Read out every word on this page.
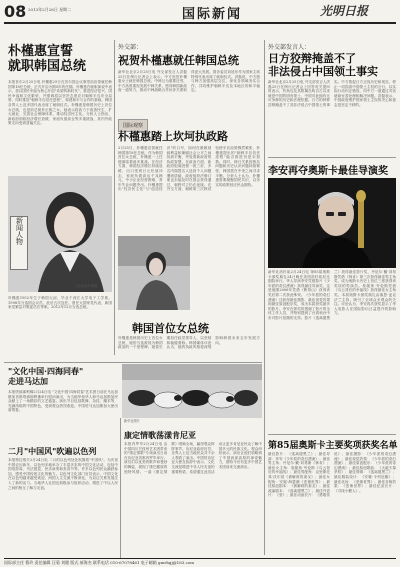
08 2013年2月26日 星期二	国际新闻	光明日报
朴槿惠宣誓
就职韩国总统
本报首尔2月25日电 朴槿惠25日在首尔国会议事堂前宣誓就任韩国第18任总统，正式开启为期5年的任期。朴槿惠在就职演说中表示，将以国民幸福为核心开创"希望的新时代"，推进经济复兴、国民幸福和文化繁荣，并强调将以坚决态度应对朝鲜半岛安全局势，同时推进"朝鲜半岛信任进程"，构建和平与合作的基础。韩国各界人士及多国代表出席了就职仪式。朴槿惠是韩国历史上首位女总统，也是前总统朴正熙之女。她表示将致力于改善民生、扩大就业、完善社会保障体系，推动经济民主化。分析人士指出，新政府面临经济增长放缓、家庭负债高企等多重挑战，其内外政策走向受到普遍关注。
新闻人物
八宽新闻/朴槿惠
朴槿惠1952年生于韩国大邱，毕业于西江大学电子工学系。1998年当选国会议员，此后五次连任。曾任大国家党代表、新国家党紧急对策委员长等职。2012年12月当选总统。
外交部：
祝贺朴槿惠就任韩国总统
新华社北京2月25日电 外交部发言人洪磊25日在例行记者会上表示，中方祝贺朴槿惠女士就任韩国总统。中韩互为重要近邻，中方高度重视发展中韩关系，愿同韩国新政府一道努力，推动中韩战略合作伙伴关系取得更大发展。国务委员刘延东作为国家主席特别代表出席了就职仪式。洪磊说，中方愿与韩方加强高层交往，深化各领域务实合作，共同维护朝鲜半岛及本地区的和平稳定。
国际观察
朴槿惠踏上坎坷执政路
2月25日，朴槿惠宣誓就任韩国第18任总统。作为韩国首位女总统，朴槿惠一上任便面临着诸多挑战。在经济方面，韩国经济增长持续放缓，出口受到日元贬值冲击，家庭负债高达千兆韩元，中小企业经营困难，青年失业问题突出。朴槿惠提出"经济民主化"与"创造经济"的口号，如何在照顾财阀利益和兼顾社会公平之间找到平衡，考验着新政府的执政智慧。在政治方面，新政府组阁进程一波三折，多名内阁提名人选因个人问题遭到质疑，政府组织法修订案也未能及时在国会获得通过，朝野对立仍在延续。在外交方面，朝鲜第三次核试验使半岛局势骤然紧张，朴槿惠提出的"朝鲜半岛信任进程"能否推进仍是未知数。同时，韩日关系因独岛问题和历史认识问题持续紧张，韩国需在中美之间寻求平衡。分析人士认为，朴槿惠需要凝聚国民共识，以务实的政策回应民众期待。
韩国首位女总统
朴槿惠是韩国历史上首位女总统，她的当选被视为韩国政治的一个里程碑。她曾长期担任政党领导人，以坚韧和稳健著称。韩国媒体评论认为，她的执政风格将深刻影响韩国未来五年发展方向。
外交部发言人：
日方狡辩掩盖不了
非法侵占中国领土事实
新华社北京2月25日电 外交部发言人洪磊25日在例行记者会上回答有关提问时表示，钓鱼岛及其附属岛屿自古以来就是中国的固有领土，中国对此拥有无可争辩的历史和法理依据。日方的种种狡辩掩盖不了其非法侵占中国领土的事实。中方敦促日方正视历史和现实，停止一切损害中国领土主权的言行，以实际行动纠正错误，同中方一道通过对话磋商妥善处理和解决问题。洪磊表示，中国政府维护国家领土主权的决心和意志是坚定不移的。
李安再夺奥斯卡最佳导演奖
新华社洛杉矶2月24日电 第85届奥斯卡颁奖典礼24日晚在美国洛杉矶杜比剧院举行。华人导演李安凭借影片《少年派的奇幻漂流》获得最佳导演奖，这是他继2006年凭借《断背山》获得该奖后第二次获此殊荣。《少年派的奇幻漂流》还获得最佳摄影、最佳视觉效果和最佳原创配乐奖，成为本届获奖最多的影片。李安在领奖时感谢了影片的全体工作人员，并特别提到了台湾和台中市对影片拍摄的支持。影片《逃离德黑兰》获得最佳影片奖，丹尼尔·戴-刘易斯凭借《林肯》第三次获得最佳男主角奖，成为奥斯卡历史上首位三度获得该奖项的男演员。詹妮弗·劳伦斯凭借《乌云背后的幸福线》获得最佳女主角奖。本届奥斯卡颁奖典礼由塞思·麦克法兰主持，吸引了全球众多观众的关注。评论认为，李安再次获奖显示了华人电影人在国际影坛日益提升的影响力。
第85届奥斯卡主要奖项获奖名单
最佳影片：《逃离德黑兰》；最佳导演：李安《少年派的奇幻漂流》；最佳男主角：丹尼尔·戴-刘易斯《林肯》；最佳女主角：詹妮弗·劳伦斯《乌云背后的幸福线》；最佳男配角：克里斯托弗·沃尔兹《被解救的姜戈》；最佳女配角：安妮·海瑟薇《悲惨世界》；最佳原创剧本：《被解救的姜戈》；最佳改编剧本：《逃离德黑兰》；最佳外语片：《爱》；最佳动画长片：《勇敢传说》；最佳摄影：《少年派的奇幻漂流》；最佳视觉效果：《少年派的奇幻漂流》；最佳原创配乐：《少年派的奇幻漂流》；最佳原创歌曲：《大破天幕杀机》；最佳剪辑：《逃离德黑兰》；最佳服装设计：《安娜·卡列尼娜》；最佳化妆：《悲惨世界》；最佳音响效果：《悲惨世界》；最佳纪录长片：《寻找小糖人》。
"文化中国·四海同春"
走进马达加
本报塔那那利佛2月24日电 "文化中国·四海同春"艺术团日前在马达加斯加首都塔那那利佛举行慰问演出，为当地华侨华人和马达加斯加民众献上了一场精彩的文艺盛宴。演出节目包括歌舞、杂技、魔术等，充满浓郁的中国特色，受到观众热烈欢迎。中国驻马达加斯加大使出席观看。
新华社照片
二月"中国风"吹遍以色列
本报特拉维夫2月24日电 二月的以色列处处吹拂着"中国风"。为庆祝中国农历新年，以色列多地举办了丰富多彩的中国文化活动，包括中国电影周、书法展览、民乐演奏和美食节等。许多以色列民众踊跃参加，感受中国传统文化的魅力。以色列文化部门官员表示，中国文化在以色列越来越受欢迎，两国人文交流不断深化，为双边关系发展注入了新的活力。当地华人社团也积极参与组织活动，增进了中以人民之间的相互了解与友谊。
康定情歌荡漾肯尼亚
本报内罗毕2月24日电 由中国四川甘孜州艺术团带来的"康定情歌"专场演出日前在肯尼亚首都内罗毕举行。演员们以优美的歌声和曼妙的舞姿，展现了康巴藏族的独特风情。一曲《康定情歌》唱响全场，赢得观众阵阵掌声。肯尼亚政府官员、各界人士及当地民众共千余人观看了演出。中国驻肯尼亚大使在致辞中表示，文化交流是增进中非人民友谊的重要桥梁，希望通过此类活动让更多肯尼亚民众了解中国多元的民族文化。观众纷纷表示，演出让他们领略到了中国西部高原的神奇魅力，期待今后有更多中国艺术团前来交流演出。
国际部主任 曹玲 责任编辑 汪菊 刘健 版式 郝海杰 联系电话 010-67078461 电子邮箱 gmrbgj@163.com
